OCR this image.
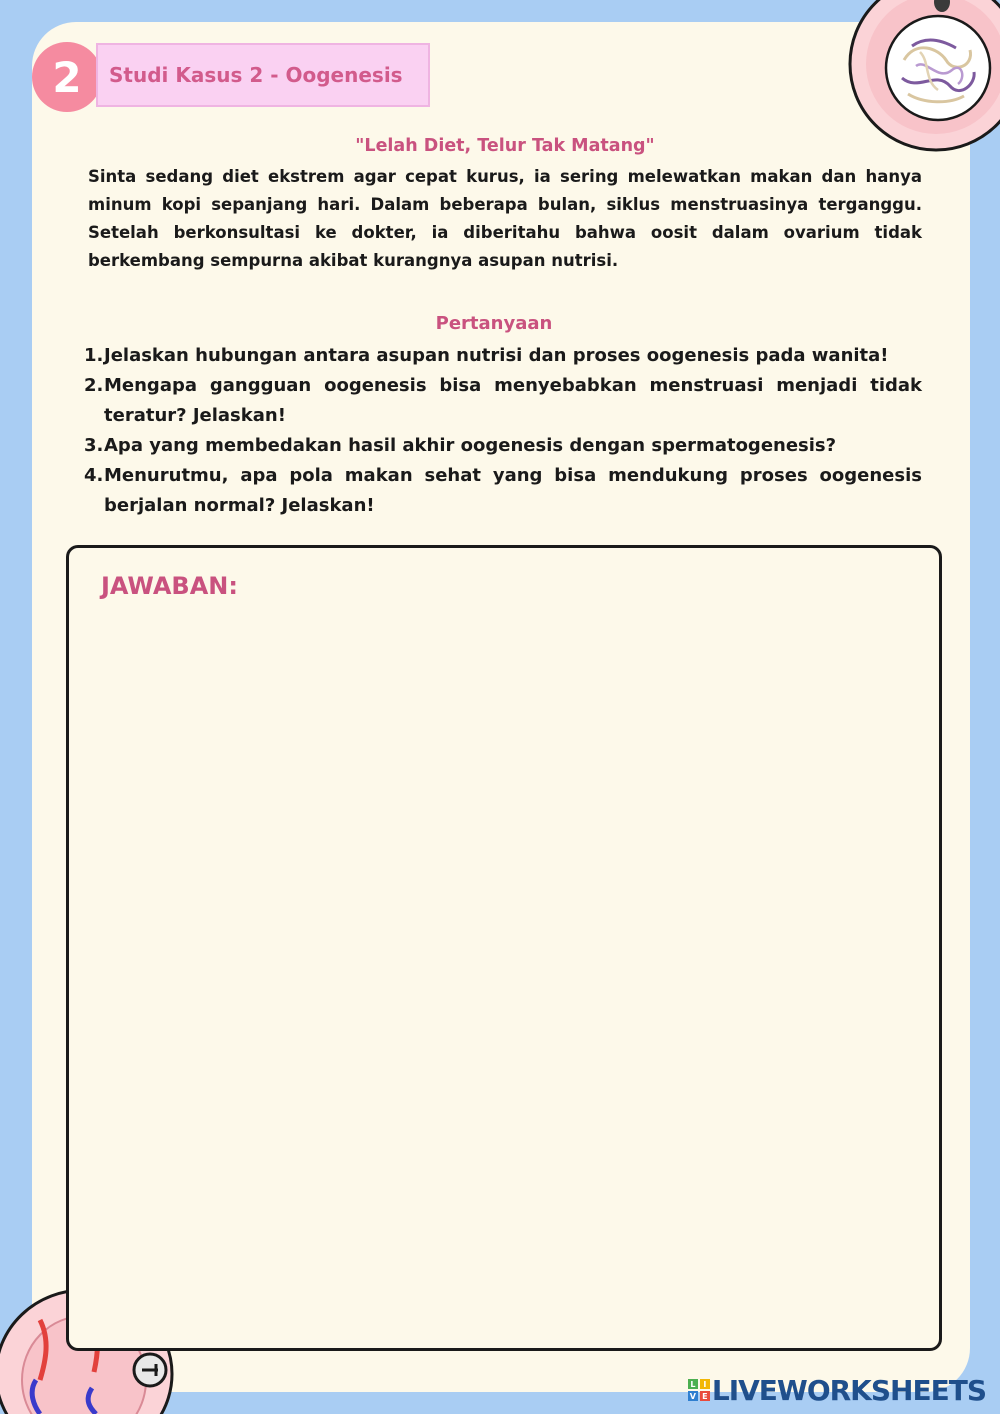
2 Studi Kasus 2 - Oogenesis
"Lelah Diet, Telur Tak Matang"

Sinta sedang diet ekstrem agar cepat kurus, ia sering melewatkan makan dan hanya minum kopi sepanjang hari. Dalam beberapa bulan, siklus menstruasinya terganggu. Setelah berkonsultasi ke dokter, ia diberitahu bahwa oosit dalam ovarium tidak berkembang sempurna akibat kurangnya asupan nutrisi.

Pertanyaan
1. Jelaskan hubungan antara asupan nutrisi dan proses oogenesis pada wanita!
2. Mengapa gangguan oogenesis bisa menyebabkan menstruasi menjadi tidak teratur? Jelaskan!
3. Apa yang membedakan hasil akhir oogenesis dengan spermatogenesis?
4. Menurutmu, apa pola makan sehat yang bisa mendukung proses oogenesis berjalan normal? Jelaskan!
JAWABAN:
L I
V E LIVEWORKSHEETS
